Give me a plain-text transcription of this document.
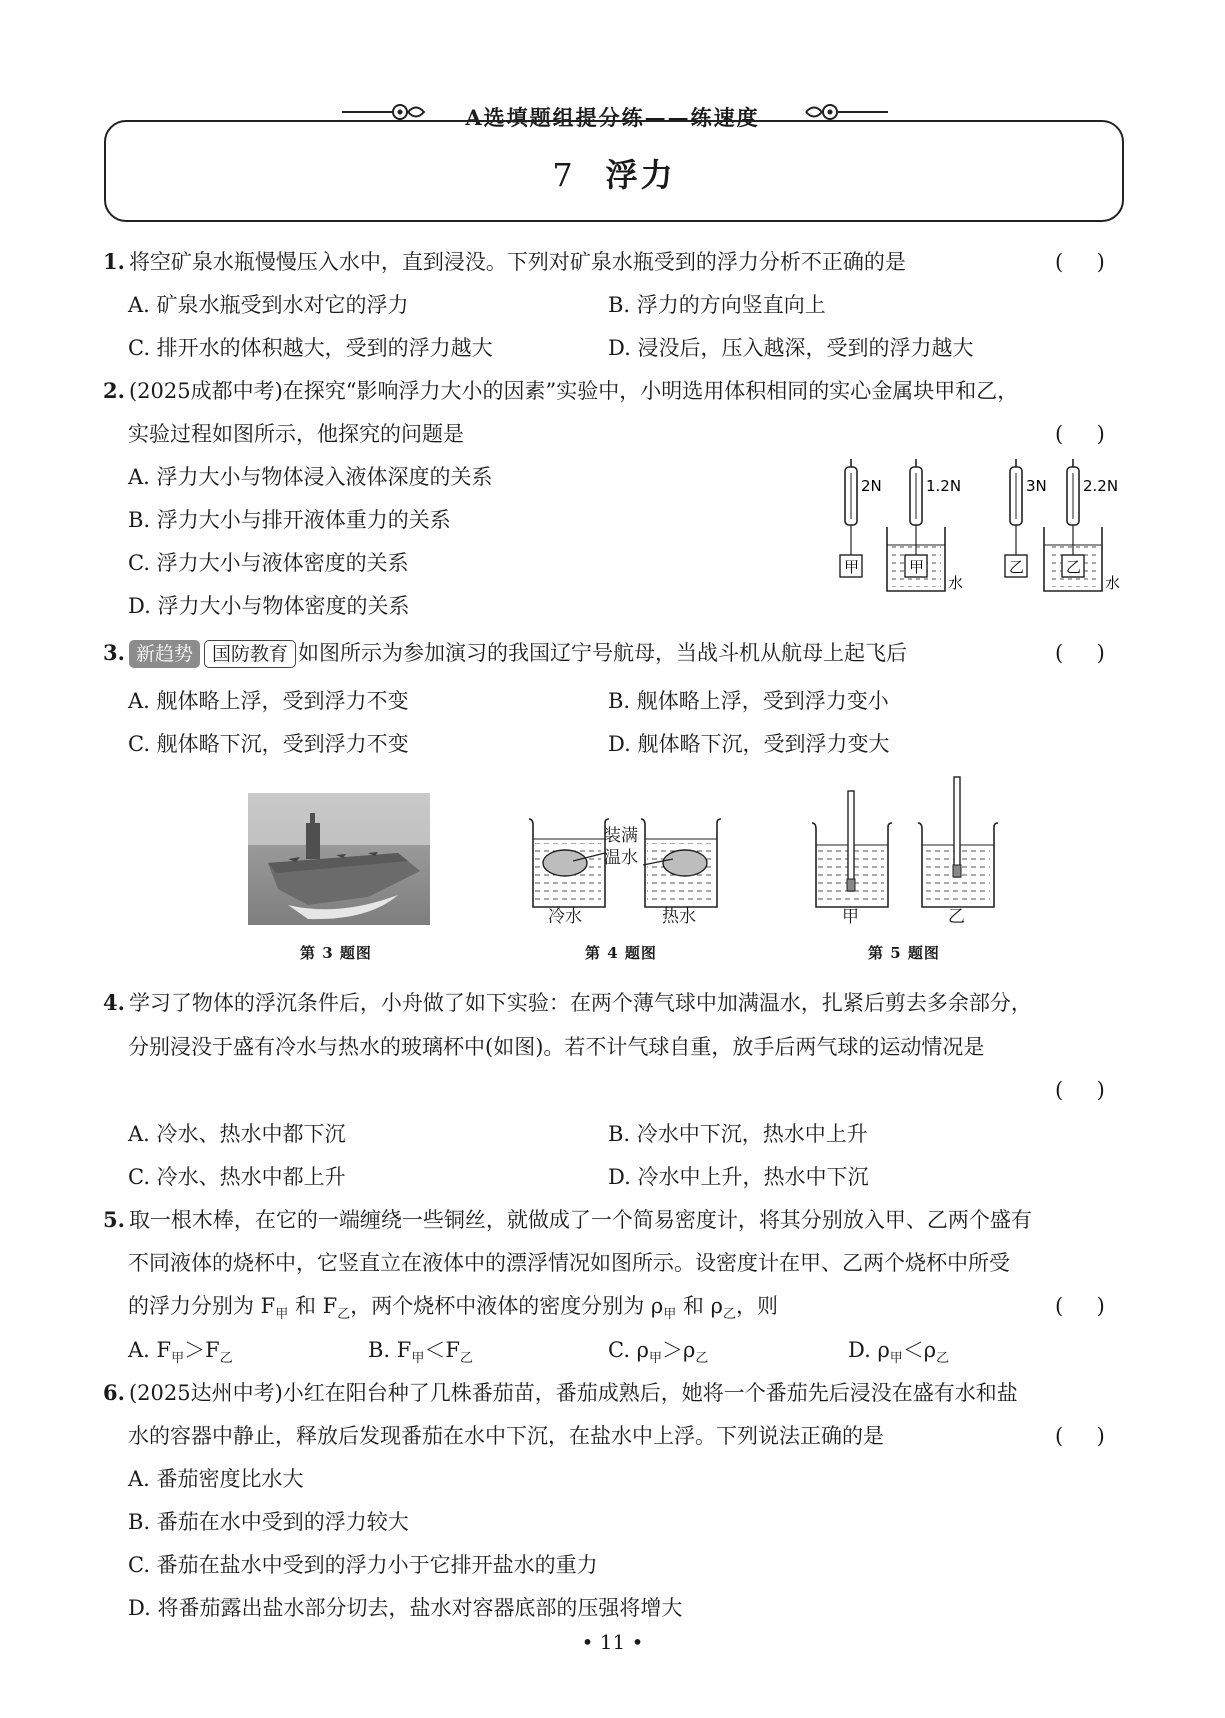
A选填题组提分练——练速度
7 浮力
1. 将空矿泉水瓶慢慢压入水中，直到浸没。下列对矿泉水瓶受到的浮力分析不正确的是	(     )
A. 矿泉水瓶受到水对它的浮力	B. 浮力的方向竖直向上
C. 排开水的体积越大，受到的浮力越大	D. 浸没后，压入越深，受到的浮力越大
2. (2025成都中考)在探究“影响浮力大小的因素”实验中，小明选用体积相同的实心金属块甲和乙，
实验过程如图所示，他探究的问题是	(     )
A. 浮力大小与物体浸入液体深度的关系
B. 浮力大小与排开液体重力的关系
C. 浮力大小与液体密度的关系
D. 浮力大小与物体密度的关系
2N
甲
1.2N
甲
水
3N
乙
2.2N
乙
水
3. 新趋势 国防教育 如图所示为参加演习的我国辽宁号航母，当战斗机从航母上起飞后	(     )
A. 舰体略上浮，受到浮力不变	B. 舰体略上浮，受到浮力变小
C. 舰体略下沉，受到浮力不变	D. 舰体略下沉，受到浮力变大
第 3 题图
装满
温水
冷水	热水
第 4 题图
甲	乙
第 5 题图
4. 学习了物体的浮沉条件后，小舟做了如下实验：在两个薄气球中加满温水，扎紧后剪去多余部分，
分别浸没于盛有冷水与热水的玻璃杯中(如图)。若不计气球自重，放手后两气球的运动情况是
(     )
A. 冷水、热水中都下沉	B. 冷水中下沉，热水中上升
C. 冷水、热水中都上升	D. 冷水中上升，热水中下沉
5. 取一根木棒，在它的一端缠绕一些铜丝，就做成了一个简易密度计，将其分别放入甲、乙两个盛有
不同液体的烧杯中，它竖直立在液体中的漂浮情况如图所示。设密度计在甲、乙两个烧杯中所受
的浮力分别为 $F_甲$ 和 $F_乙$，两个烧杯中液体的密度分别为 $\rho_甲$ 和 $\rho_乙$，则	(     )
A. $F_甲>F_乙$	B. $F_甲<F_乙$	C. $\rho_甲>\rho_乙$	D. $\rho_甲<\rho_乙$
6. (2025达州中考)小红在阳台种了几株番茄苗，番茄成熟后，她将一个番茄先后浸没在盛有水和盐
水的容器中静止，释放后发现番茄在水中下沉，在盐水中上浮。下列说法正确的是	(     )
A. 番茄密度比水大
B. 番茄在水中受到的浮力较大
C. 番茄在盐水中受到的浮力小于它排开盐水的重力
D. 将番茄露出盐水部分切去，盐水对容器底部的压强将增大
• 11 •
